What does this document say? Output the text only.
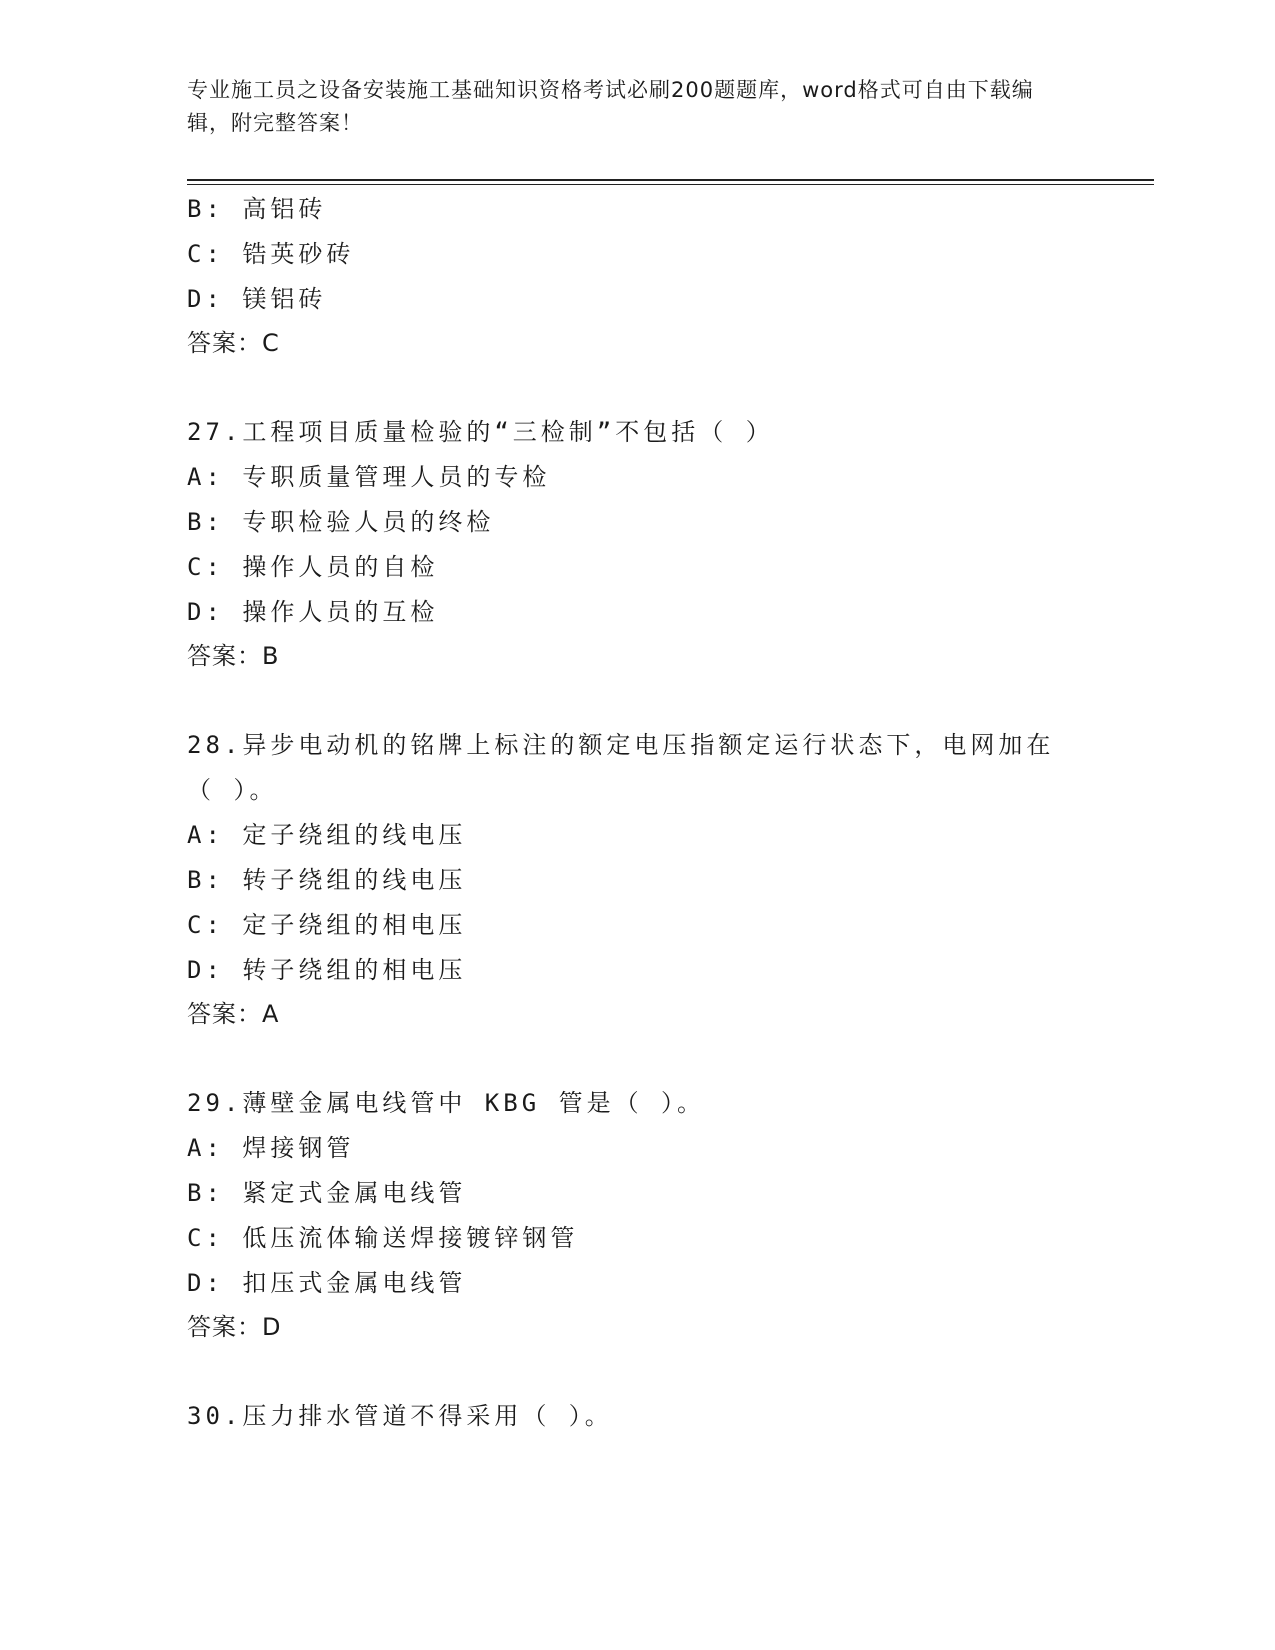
专业施工员之设备安装施工基础知识资格考试必刷200题题库，word格式可自由下载编辑，附完整答案！
B: 高铝砖
C: 锆英砂砖
D: 镁铝砖
答案：C
27.工程项目质量检验的“三检制”不包括（ ）
A: 专职质量管理人员的专检
B: 专职检验人员的终检
C: 操作人员的自检
D: 操作人员的互检
答案：B
28.异步电动机的铭牌上标注的额定电压指额定运行状态下，电网加在
（ ）。
A: 定子绕组的线电压
B: 转子绕组的线电压
C: 定子绕组的相电压
D: 转子绕组的相电压
答案：A
29.薄壁金属电线管中 KBG 管是（ ）。
A: 焊接钢管
B: 紧定式金属电线管
C: 低压流体输送焊接镀锌钢管
D: 扣压式金属电线管
答案：D
30.压力排水管道不得采用（ ）。
